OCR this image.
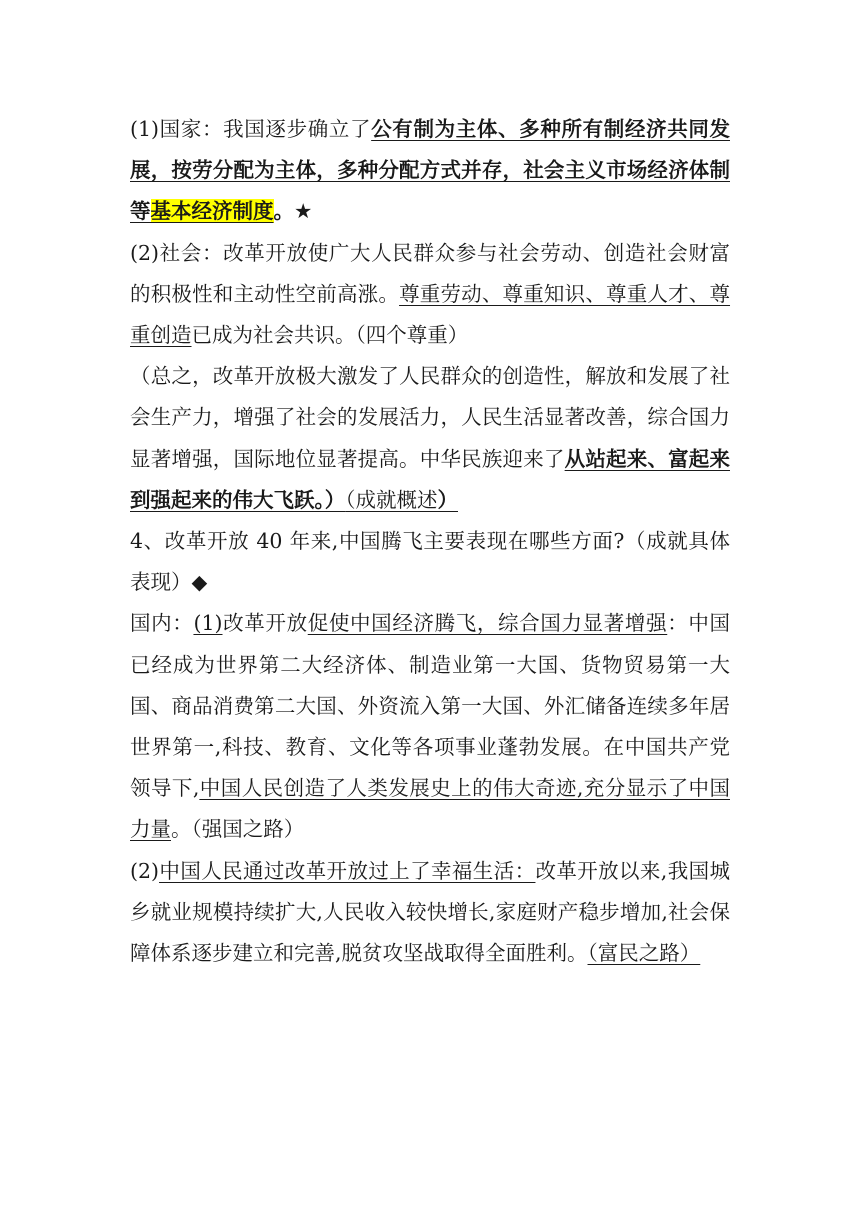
(1)国家：我国逐步确立了公有制为主体、多种所有制经济共同发展，按劳分配为主体，多种分配方式并存，社会主义市场经济体制等基本经济制度。★

(2)社会：改革开放使广大人民群众参与社会劳动、创造社会财富的积极性和主动性空前高涨。尊重劳动、尊重知识、尊重人才、尊重创造已成为社会共识。（四个尊重）

（总之，改革开放极大激发了人民群众的创造性，解放和发展了社会生产力，增强了社会的发展活力，人民生活显著改善，综合国力显著增强，国际地位显著提高。中华民族迎来了从站起来、富起来到强起来的伟大飞跃。）（成就概述）

4、改革开放 40 年来,中国腾飞主要表现在哪些方面?（成就具体表现）◆

国内：(1)改革开放促使中国经济腾飞，综合国力显著增强：中国已经成为世界第二大经济体、制造业第一大国、货物贸易第一大国、商品消费第二大国、外资流入第一大国、外汇储备连续多年居世界第一,科技、教育、文化等各项事业蓬勃发展。在中国共产党领导下,中国人民创造了人类发展史上的伟大奇迹,充分显示了中国力量。（强国之路）

(2)中国人民通过改革开放过上了幸福生活：改革开放以来,我国城乡就业规模持续扩大,人民收入较快增长,家庭财产稳步增加,社会保障体系逐步建立和完善,脱贫攻坚战取得全面胜利。（富民之路）
